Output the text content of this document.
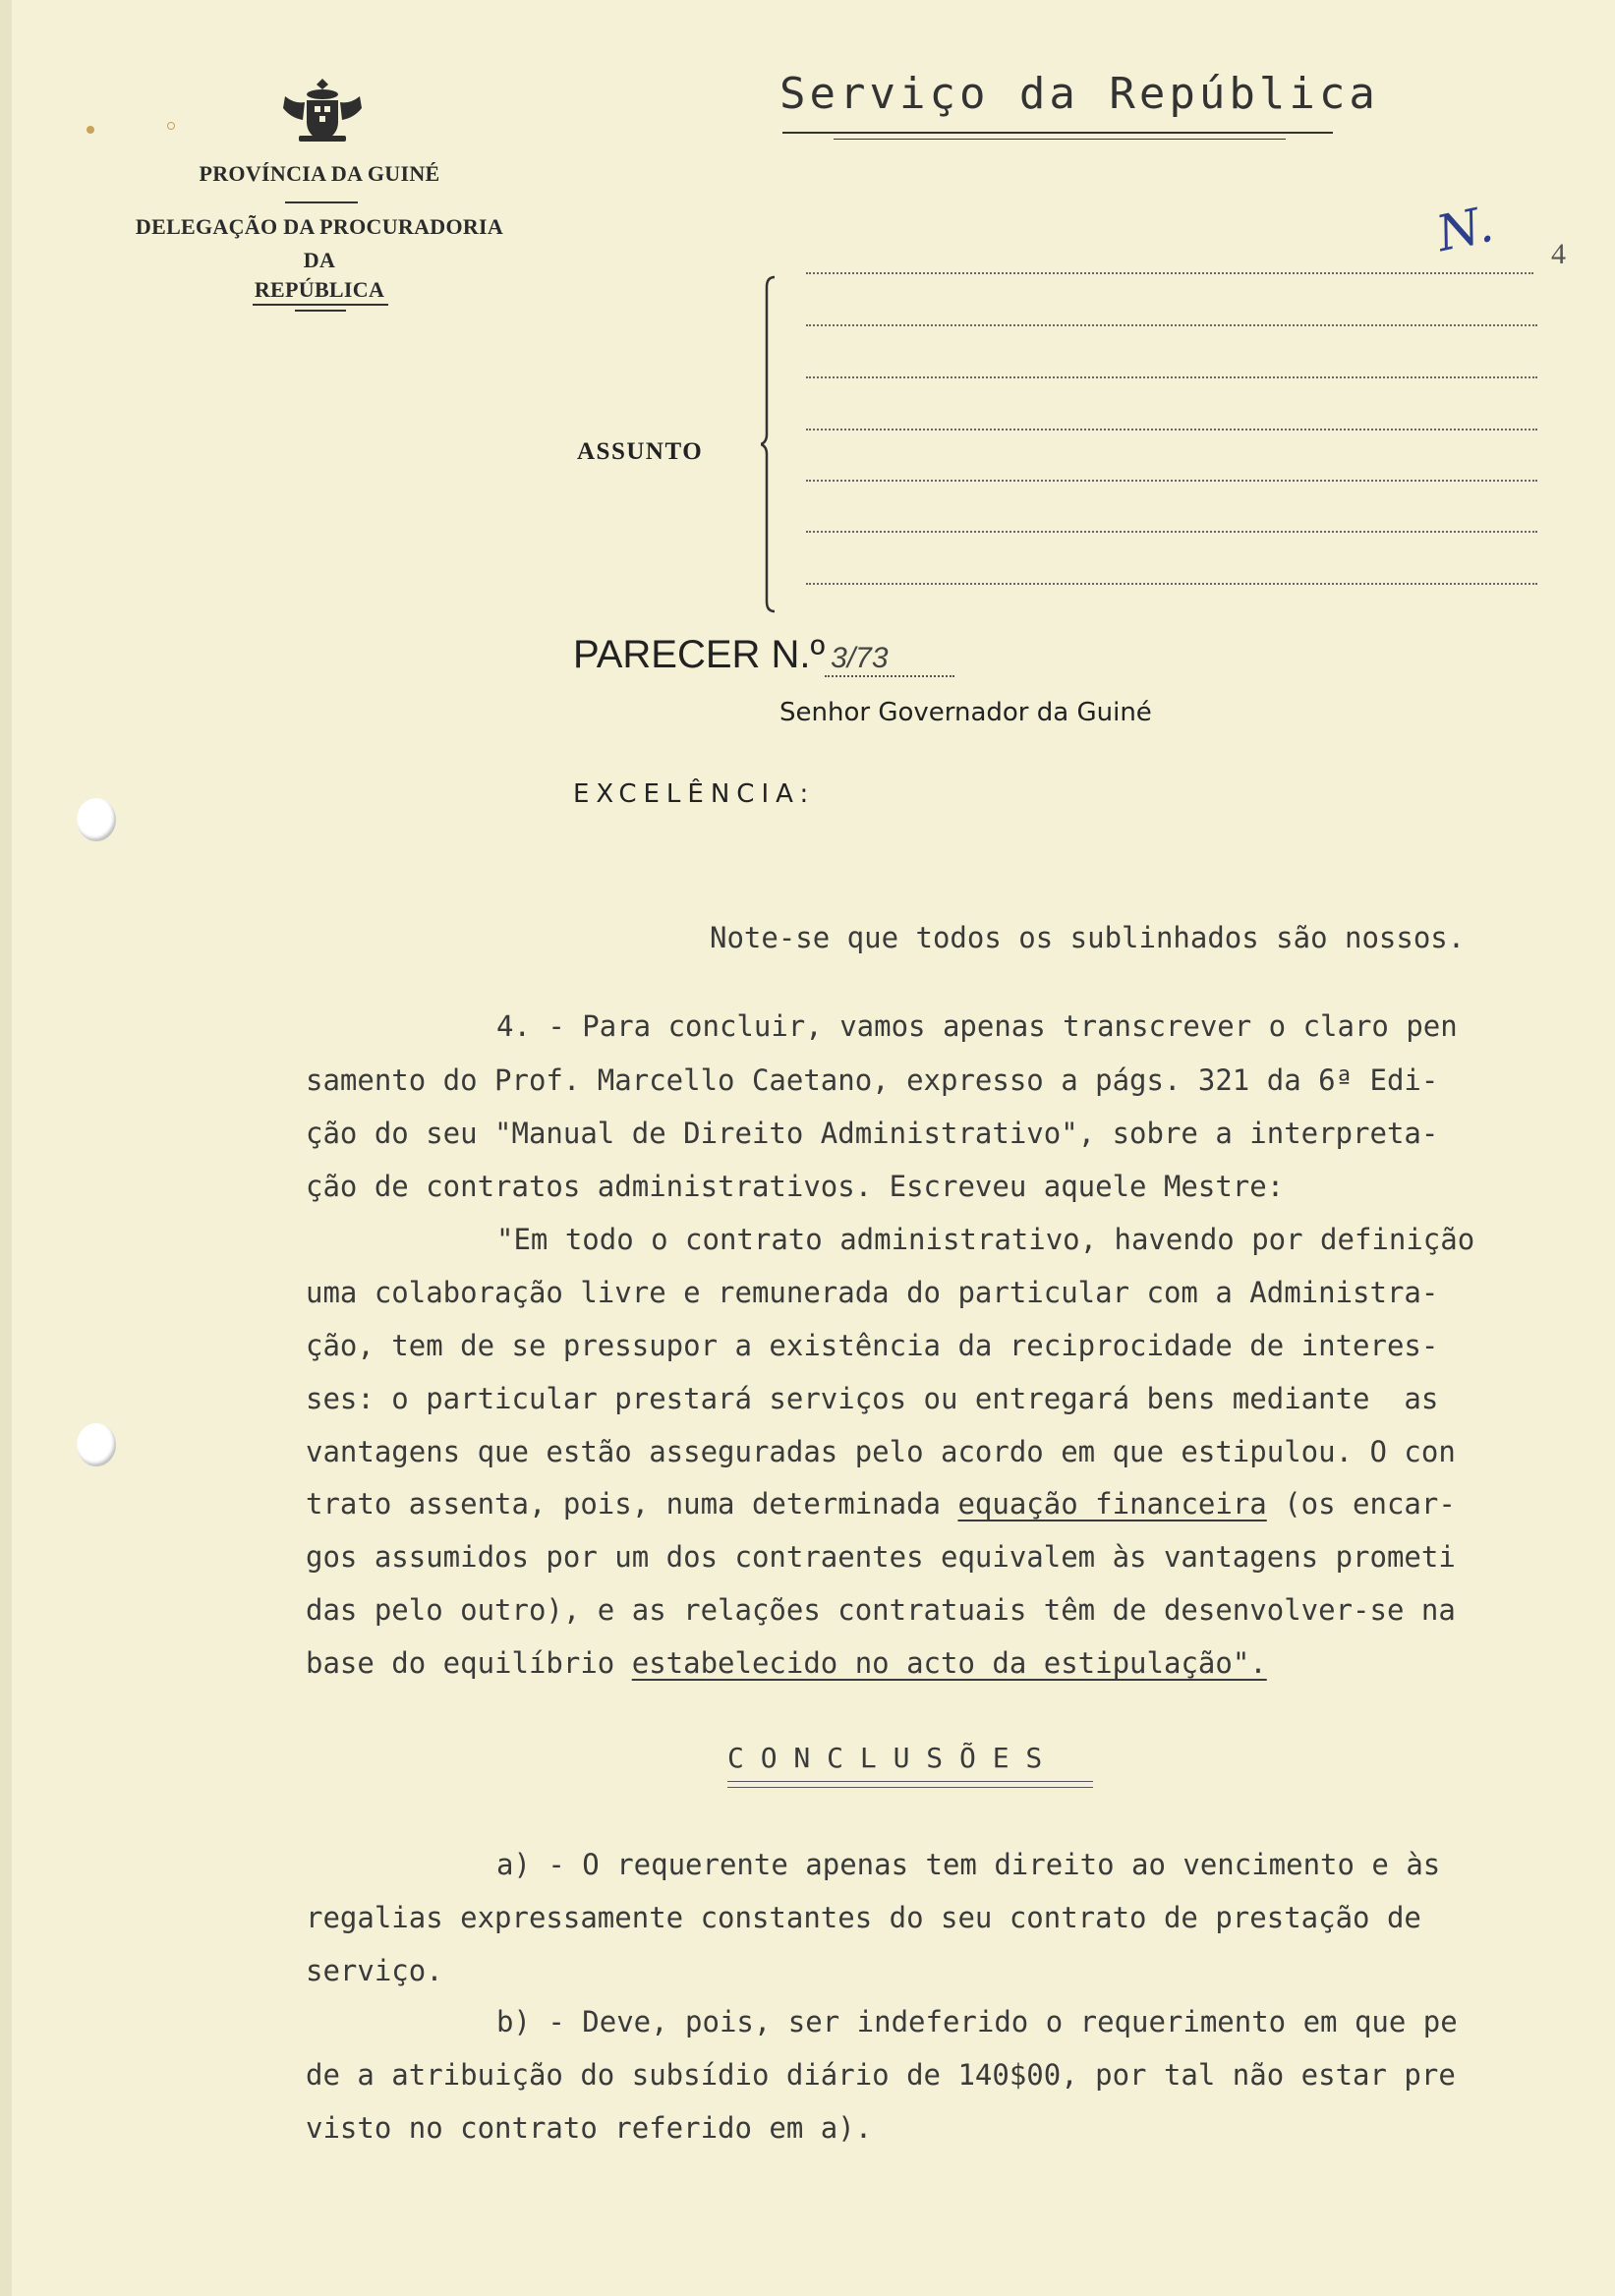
PROVÍNCIA DA GUINÉ
DELEGAÇÃO DA PROCURADORIA
DA
REPÚBLICA
Serviço da República
N. 4
ASSUNTO
PARECER N.º 3/73
Senhor Governador da Guiné
EXCELÊNCIA:
Note-se que todos os sublinhados são nossos.
4. - Para concluir, vamos apenas transcrever o claro pen
samento do Prof. Marcello Caetano, expresso a págs. 321 da 6ª Edi-
ção do seu "Manual de Direito Administrativo", sobre a interpreta-
ção de contratos administrativos. Escreveu aquele Mestre:
"Em todo o contrato administrativo, havendo por definição
uma colaboração livre e remunerada do particular com a Administra-
ção, tem de se pressupor a existência da reciprocidade de interes-
ses: o particular prestará serviços ou entregará bens mediante  as
vantagens que estão asseguradas pelo acordo em que estipulou. O con
trato assenta, pois, numa determinada equação financeira (os encar-
gos assumidos por um dos contraentes equivalem às vantagens prometi
das pelo outro), e as relações contratuais têm de desenvolver-se na
base do equilíbrio estabelecido no acto da estipulação".
C O N C L U S Õ E S
a) - O requerente apenas tem direito ao vencimento e às
regalias expressamente constantes do seu contrato de prestação de
serviço.
b) - Deve, pois, ser indeferido o requerimento em que pe
de a atribuição do subsídio diário de 140$00, por tal não estar pre
visto no contrato referido em a).
